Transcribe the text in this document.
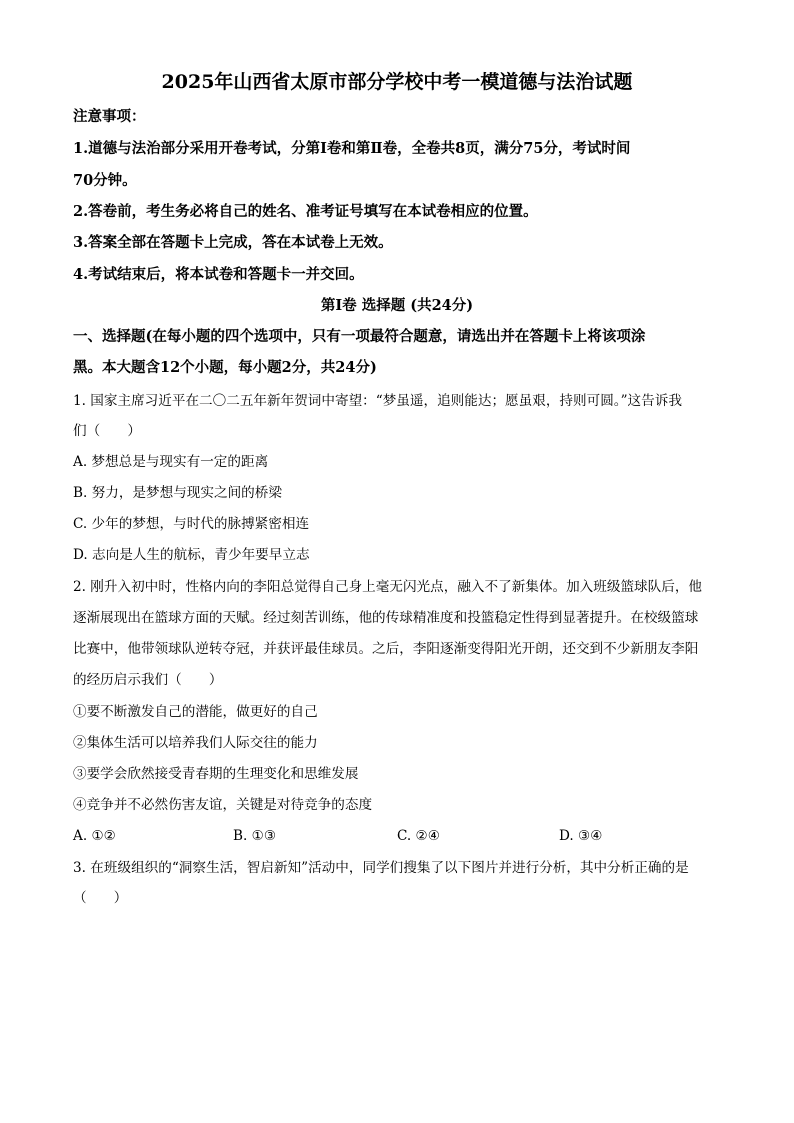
2025年山西省太原市部分学校中考一模道德与法治试题
注意事项：
1.道德与法治部分采用开卷考试，分第Ⅰ卷和第Ⅱ卷，全卷共8页，满分75分，考试时间
70分钟。
2.答卷前，考生务必将自己的姓名、准考证号填写在本试卷相应的位置。
3.答案全部在答题卡上完成，答在本试卷上无效。
4.考试结束后，将本试卷和答题卡一并交回。
第Ⅰ卷 选择题 (共24分)
一、选择题(在每小题的四个选项中，只有一项最符合题意，请选出并在答题卡上将该项涂
黑。本大题含12个小题，每小题2分，共24分)
1. 国家主席习近平在二〇二五年新年贺词中寄望：“梦虽遥，追则能达；愿虽艰，持则可圆。”这告诉我
们（　　）
A. 梦想总是与现实有一定的距离
B. 努力，是梦想与现实之间的桥梁
C. 少年的梦想，与时代的脉搏紧密相连
D. 志向是人生的航标，青少年要早立志
2. 刚升入初中时，性格内向的李阳总觉得自己身上毫无闪光点，融入不了新集体。加入班级篮球队后，他
逐渐展现出在篮球方面的天赋。经过刻苦训练，他的传球精准度和投篮稳定性得到显著提升。在校级篮球
比赛中，他带领球队逆转夺冠，并获评最佳球员。之后，李阳逐渐变得阳光开朗，还交到不少新朋友李阳
的经历启示我们（　　）
①要不断激发自己的潜能，做更好的自己
②集体生活可以培养我们人际交往的能力
③要学会欣然接受青春期的生理变化和思维发展
④竞争并不必然伤害友谊，关键是对待竞争的态度
A. ①②	B. ①③	C. ②④	D. ③④
3. 在班级组织的“洞察生活，智启新知”活动中，同学们搜集了以下图片并进行分析，其中分析正确的是
（　　）
